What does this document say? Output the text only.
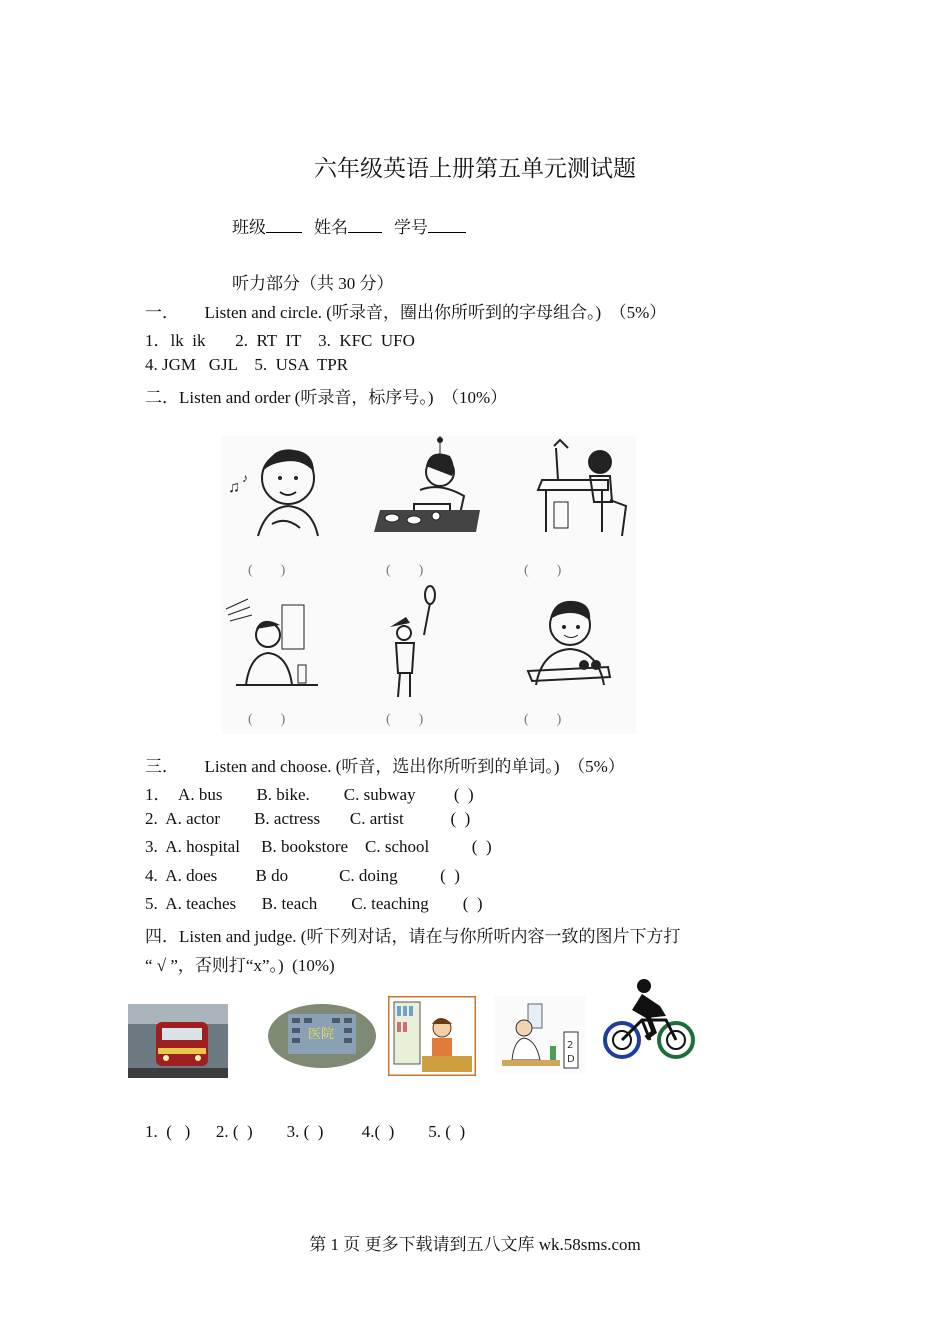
六年级英语上册第五单元测试题
班级	姓名	学号
听力部分（共 30 分）
一．      Listen and circle. (听录音，圈出你所听到的字母组合。)  （5%）
1．lk  ik       2.  RT  IT    3.  KFC  UFO
4. JGM   GJL    5.  USA  TPR
二．Listen and order (听录音，标序号。)  （10%）
♫
♪
(        )	(        )	(        )
(        )	(        )	(        )
三．      Listen and choose. (听音，选出你所听到的单词。)  （5%）
1．  A. bus        B. bike.        C. subway         (  )
2.  A. actor        B. actress       C. artist           (  )
3.  A. hospital     B. bookstore    C. school          (  )
4.  A. does         B do            C. doing          (  )
5.  A. teaches      B. teach        C. teaching        (  )
四．Listen and judge. (听下列对话，请在与你所听内容一致的图片下方打
“ √ ”，否则打“x”。)  (10%)
医院
2
D
1.  (   )      2. (  )        3. (  )         4.(  )        5. (  )
第 1 页 更多下载请到五八文库 wk.58sms.com
